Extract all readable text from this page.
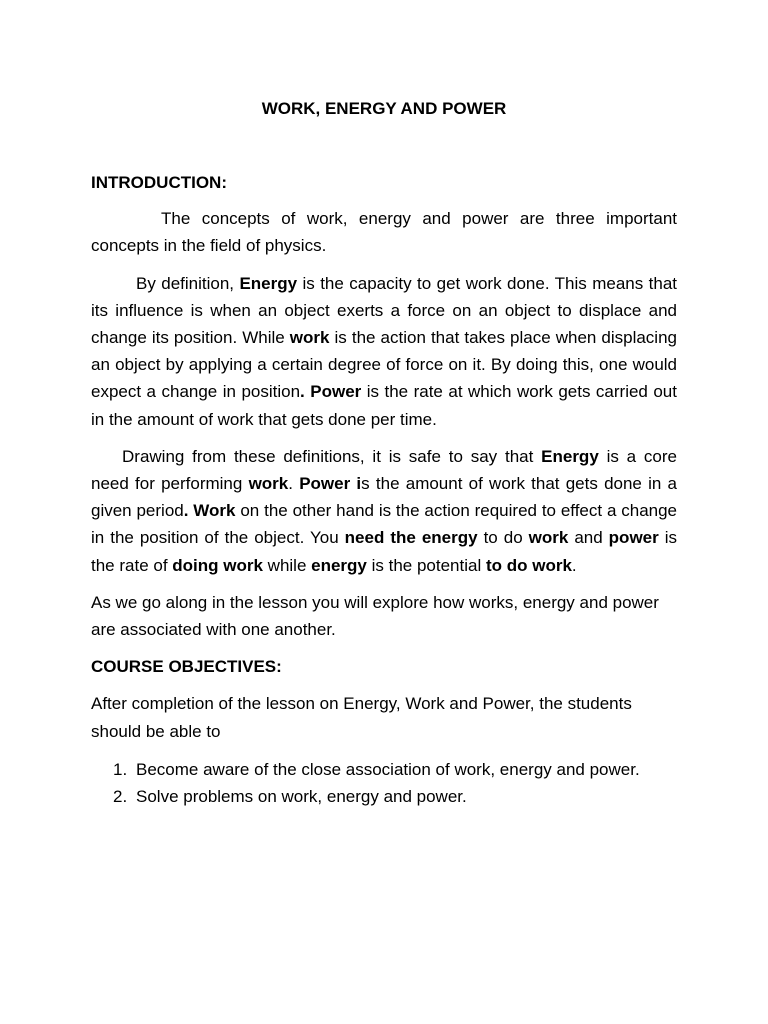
WORK, ENERGY AND POWER

INTRODUCTION:

The concepts of work, energy and power are three important concepts in the field of physics.

By definition, Energy is the capacity to get work done. This means that its influence is when an object exerts a force on an object to displace and change its position. While work is the action that takes place when displacing an object by applying a certain degree of force on it. By doing this, one would expect a change in position. Power is the rate at which work gets carried out in the amount of work that gets done per time.

Drawing from these definitions, it is safe to say that Energy is a core need for performing work. Power is the amount of work that gets done in a given period. Work on the other hand is the action required to effect a change in the position of the object. You need the energy to do work and power is the rate of doing work while energy is the potential to do work.

As we go along in the lesson you will explore how works, energy and power are associated with one another.

COURSE OBJECTIVES:

After completion of the lesson on Energy, Work and Power, the students should be able to

1. Become aware of the close association of work, energy and power.
2. Solve problems on work, energy and power.
